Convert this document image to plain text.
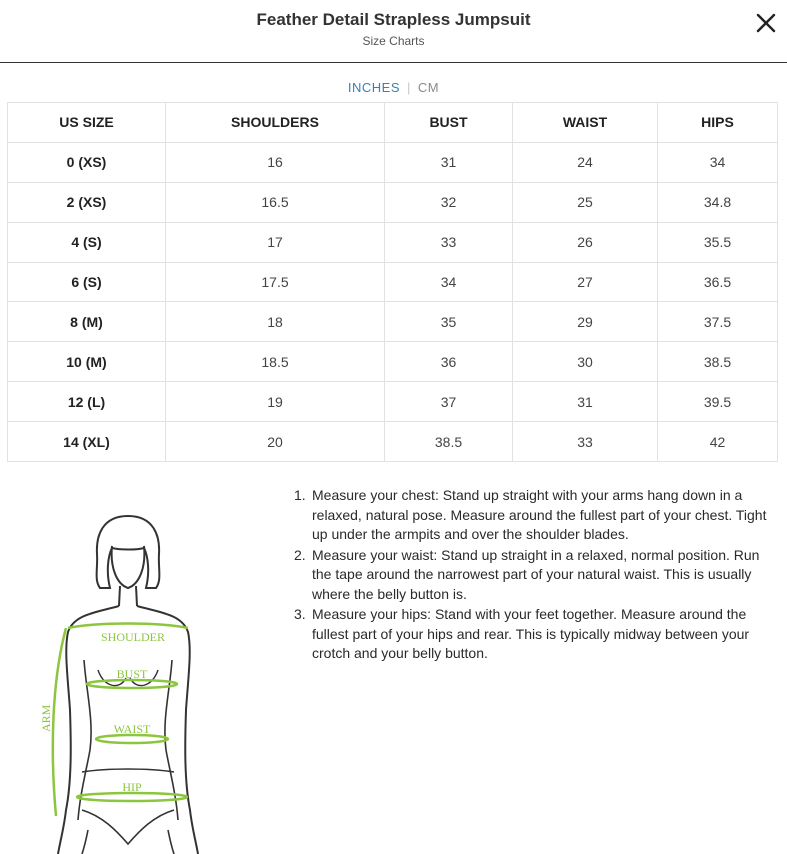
Feather Detail Strapless Jumpsuit
Size Charts
INCHES | CM
US SIZE	SHOULDERS	BUST	WAIST	HIPS
0 (XS)	16	31	24	34
2 (XS)	16.5	32	25	34.8
4 (S)	17	33	26	35.5
6 (S)	17.5	34	27	36.5
8 (M)	18	35	29	37.5
10 (M)	18.5	36	30	38.5
12 (L)	19	37	31	39.5
14 (XL)	20	38.5	33	42
ARM
SHOULDER
BUST
WAIST
HIP
1. Measure your chest: Stand up straight with your arms hang down in a relaxed, natural pose. Measure around the fullest part of your chest. Tight up under the armpits and over the shoulder blades.
2. Measure your waist: Stand up straight in a relaxed, normal position. Run the tape around the narrowest part of your natural waist. This is usually where the belly button is.
3. Measure your hips: Stand with your feet together. Measure around the fullest part of your hips and rear. This is typically midway between your crotch and your belly button.
